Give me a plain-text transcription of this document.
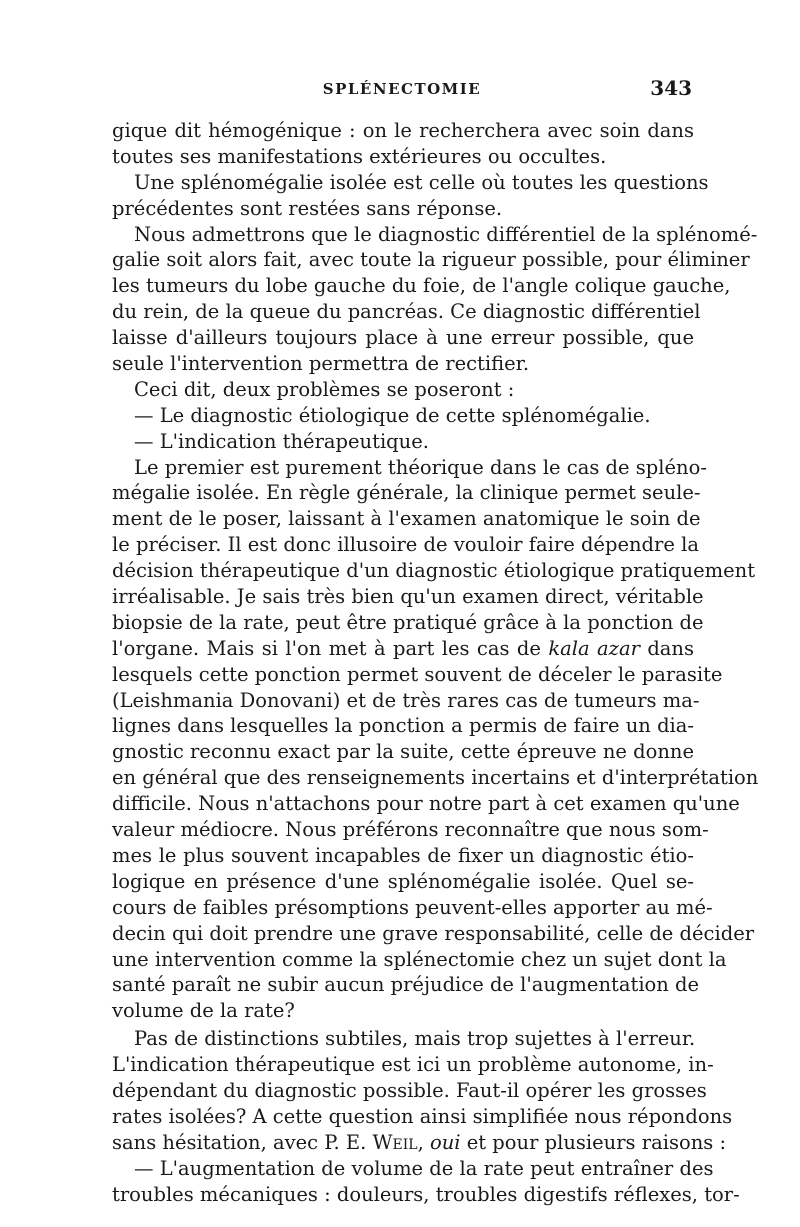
SPLÉNECTOMIE	343
gique dit hémogénique : on le recherchera avec soin dans
toutes ses manifestations extérieures ou occultes.
Une splénomégalie isolée est celle où toutes les questions
précédentes sont restées sans réponse.
Nous admettrons que le diagnostic différentiel de la splénomé-
galie soit alors fait, avec toute la rigueur possible, pour éliminer
les tumeurs du lobe gauche du foie, de l'angle colique gauche,
du rein, de la queue du pancréas. Ce diagnostic différentiel
laisse d'ailleurs toujours place à une erreur possible, que
seule l'intervention permettra de rectifier.
Ceci dit, deux problèmes se poseront :
— Le diagnostic étiologique de cette splénomégalie.
— L'indication thérapeutique.
Le premier est purement théorique dans le cas de spléno-
mégalie isolée. En règle générale, la clinique permet seule-
ment de le poser, laissant à l'examen anatomique le soin de
le préciser. Il est donc illusoire de vouloir faire dépendre la
décision thérapeutique d'un diagnostic étiologique pratiquement
irréalisable. Je sais très bien qu'un examen direct, véritable
biopsie de la rate, peut être pratiqué grâce à la ponction de
l'organe. Mais si l'on met à part les cas de kala azar dans
lesquels cette ponction permet souvent de déceler le parasite
(Leishmania Donovani) et de très rares cas de tumeurs ma-
lignes dans lesquelles la ponction a permis de faire un dia-
gnostic reconnu exact par la suite, cette épreuve ne donne
en général que des renseignements incertains et d'interprétation
difficile. Nous n'attachons pour notre part à cet examen qu'une
valeur médiocre. Nous préférons reconnaître que nous som-
mes le plus souvent incapables de fixer un diagnostic étio-
logique en présence d'une splénomégalie isolée. Quel se-
cours de faibles présomptions peuvent-elles apporter au mé-
decin qui doit prendre une grave responsabilité, celle de décider
une intervention comme la splénectomie chez un sujet dont la
santé paraît ne subir aucun préjudice de l'augmentation de
volume de la rate?
Pas de distinctions subtiles, mais trop sujettes à l'erreur.
L'indication thérapeutique est ici un problème autonome, in-
dépendant du diagnostic possible. Faut-il opérer les grosses
rates isolées? A cette question ainsi simplifiée nous répondons
sans hésitation, avec P. E. Weil, oui et pour plusieurs raisons :
— L'augmentation de volume de la rate peut entraîner des
troubles mécaniques : douleurs, troubles digestifs réflexes, tor-
